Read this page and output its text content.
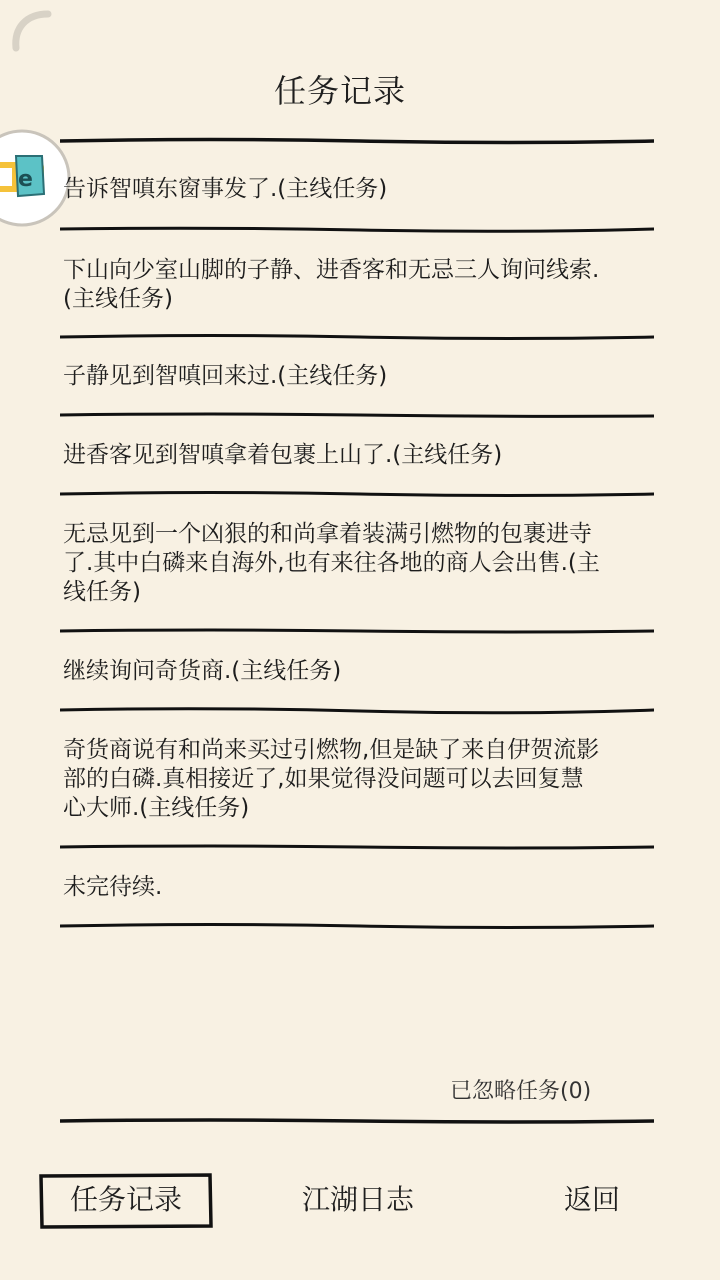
e
任务记录
告诉智嗔东窗事发了.(主线任务)
下山向少室山脚的子静、进香客和无忌三人询问线索.
(主线任务)
子静见到智嗔回来过.(主线任务)
进香客见到智嗔拿着包裹上山了.(主线任务)
无忌见到一个凶狠的和尚拿着装满引燃物的包裹进寺
了.其中白磷来自海外,也有来往各地的商人会出售.(主
线任务)
继续询问奇货商.(主线任务)
奇货商说有和尚来买过引燃物,但是缺了来自伊贺流影
部的白磷.真相接近了,如果觉得没问题可以去回复慧
心大师.(主线任务)
未完待续.
已忽略任务(0)
任务记录	江湖日志	返回
